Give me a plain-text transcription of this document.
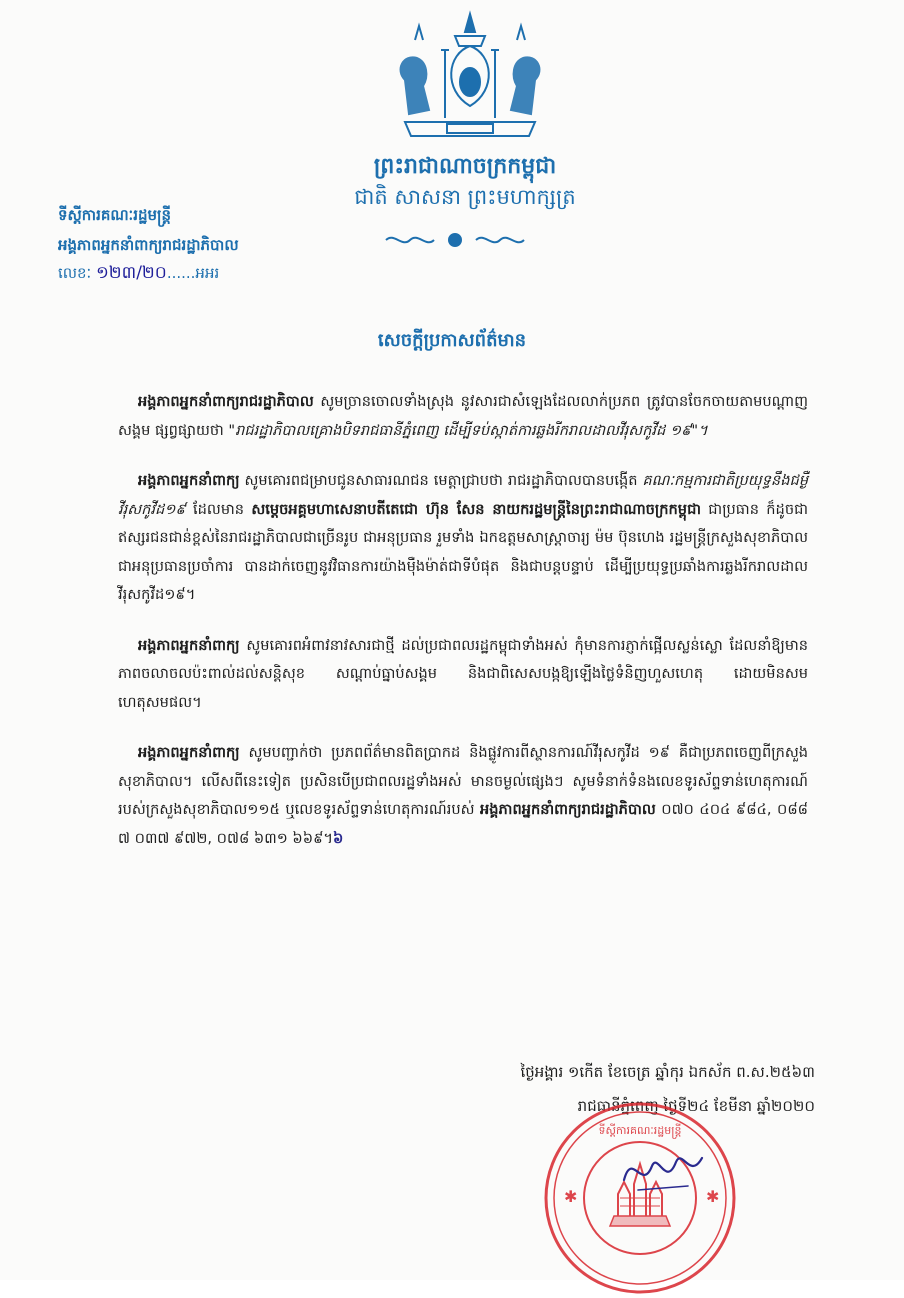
ព្រះរាជាណាចក្រកម្ពុជា
ជាតិ សាសនា ព្រះមហាក្សត្រ
ទីស្ដីការគណៈរដ្ឋមន្ត្រី
អង្គភាពអ្នកនាំពាក្យរាជរដ្ឋាភិបាល
លេខៈ ១២៣/២០......អអរ
សេចក្ដីប្រកាសព័ត៌មាន

អង្គភាពអ្នកនាំពាក្យរាជរដ្ឋាភិបាល សូមច្រានចោលទាំងស្រុង នូវសារជាសំឡេងដែលលាក់ប្រភព ត្រូវបានចែកចាយតាមបណ្ដាញសង្គម ផ្សព្វផ្សាយថា "រាជរដ្ឋាភិបាលគ្រោងបិទរាជធានីភ្នំពេញ ដើម្បីទប់ស្កាត់ការឆ្លងរីករាលដាលវីរុសកូវីដ ១៩"។

អង្គភាពអ្នកនាំពាក្យ សូមគោរពជម្រាបជូនសាធារណជន មេត្តាជ្រាបថា រាជរដ្ឋាភិបាលបានបង្កើត គណៈកម្មការជាតិប្រយុទ្ធនឹងជម្ងឺវីរុសកូវីដ១៩ ដែលមាន សម្ដេចអគ្គមហាសេនាបតីតេជោ ហ៊ុន សែន នាយករដ្ឋមន្ត្រីនៃព្រះរាជាណាចក្រកម្ពុជា ជាប្រធាន ក៏ដូចជាឥស្សរជនជាន់ខ្ពស់នៃរាជរដ្ឋាភិបាលជាច្រើនរូប ជាអនុប្រធាន រួមទាំង ឯកឧត្ដមសាស្ត្រាចារ្យ ម៉ម ប៊ុនហេង រដ្ឋមន្ត្រីក្រសួងសុខាភិបាល ជាអនុប្រធានប្រចាំការ បានដាក់ចេញនូវវិធានការយ៉ាងម៉ឺងម៉ាត់ជាទីបំផុត និងជាបន្ដបន្ទាប់ ដើម្បីប្រយុទ្ធប្រឆាំងការឆ្លងរីករាលដាលវីរុសកូវីដ១៩។

អង្គភាពអ្នកនាំពាក្យ សូមគោរពអំពាវនាវសារជាថ្មី ដល់ប្រជាពលរដ្ឋកម្ពុជាទាំងអស់ កុំមានការភ្ញាក់ផ្អើលស្លន់ស្លោ ដែលនាំឱ្យមានភាពចលាចលប៉ះពាល់ដល់សន្ដិសុខ សណ្ដាប់ធ្នាប់សង្គម និងជាពិសេសបង្កឱ្យឡើងថ្លៃទំនិញហួសហេតុ ដោយមិនសមហេតុសមផល។

អង្គភាពអ្នកនាំពាក្យ សូមបញ្ជាក់ថា ប្រភពព័ត៌មានពិតប្រាកដ និងផ្លូវការពីស្ថានការណ៍វីរុសកូវីដ ១៩ គឺជាប្រភពចេញពីក្រសួងសុខាភិបាល។ លើសពីនេះទៀត ប្រសិនបើប្រជាពលរដ្ឋទាំងអស់ មានចម្ងល់ផ្សេងៗ សូមទំនាក់ទំនងលេខទូរស័ព្ទទាន់ហេតុការណ៍របស់ក្រសួងសុខាភិបាល១១៥ ឬលេខទូរស័ព្ទទាន់ហេតុការណ៍របស់ អង្គភាពអ្នកនាំពាក្យរាជរដ្ឋាភិបាល ០៧០ ៤០៤ ៩៨៤, ០៨៨ ៧ ០៣៧ ៩៧២, ០៧៨ ៦៣១ ៦៦៩។៦

ថ្ងៃអង្គារ ១កើត ខែចេត្រ ឆ្នាំកុរ ឯកស័ក ព.ស.២៥៦៣
រាជធានីភ្នំពេញ ថ្ងៃទី២៤ ខែមីនា ឆ្នាំ២០២០
ទីស្ដីការគណៈរដ្ឋមន្ត្រី
✱	✱
